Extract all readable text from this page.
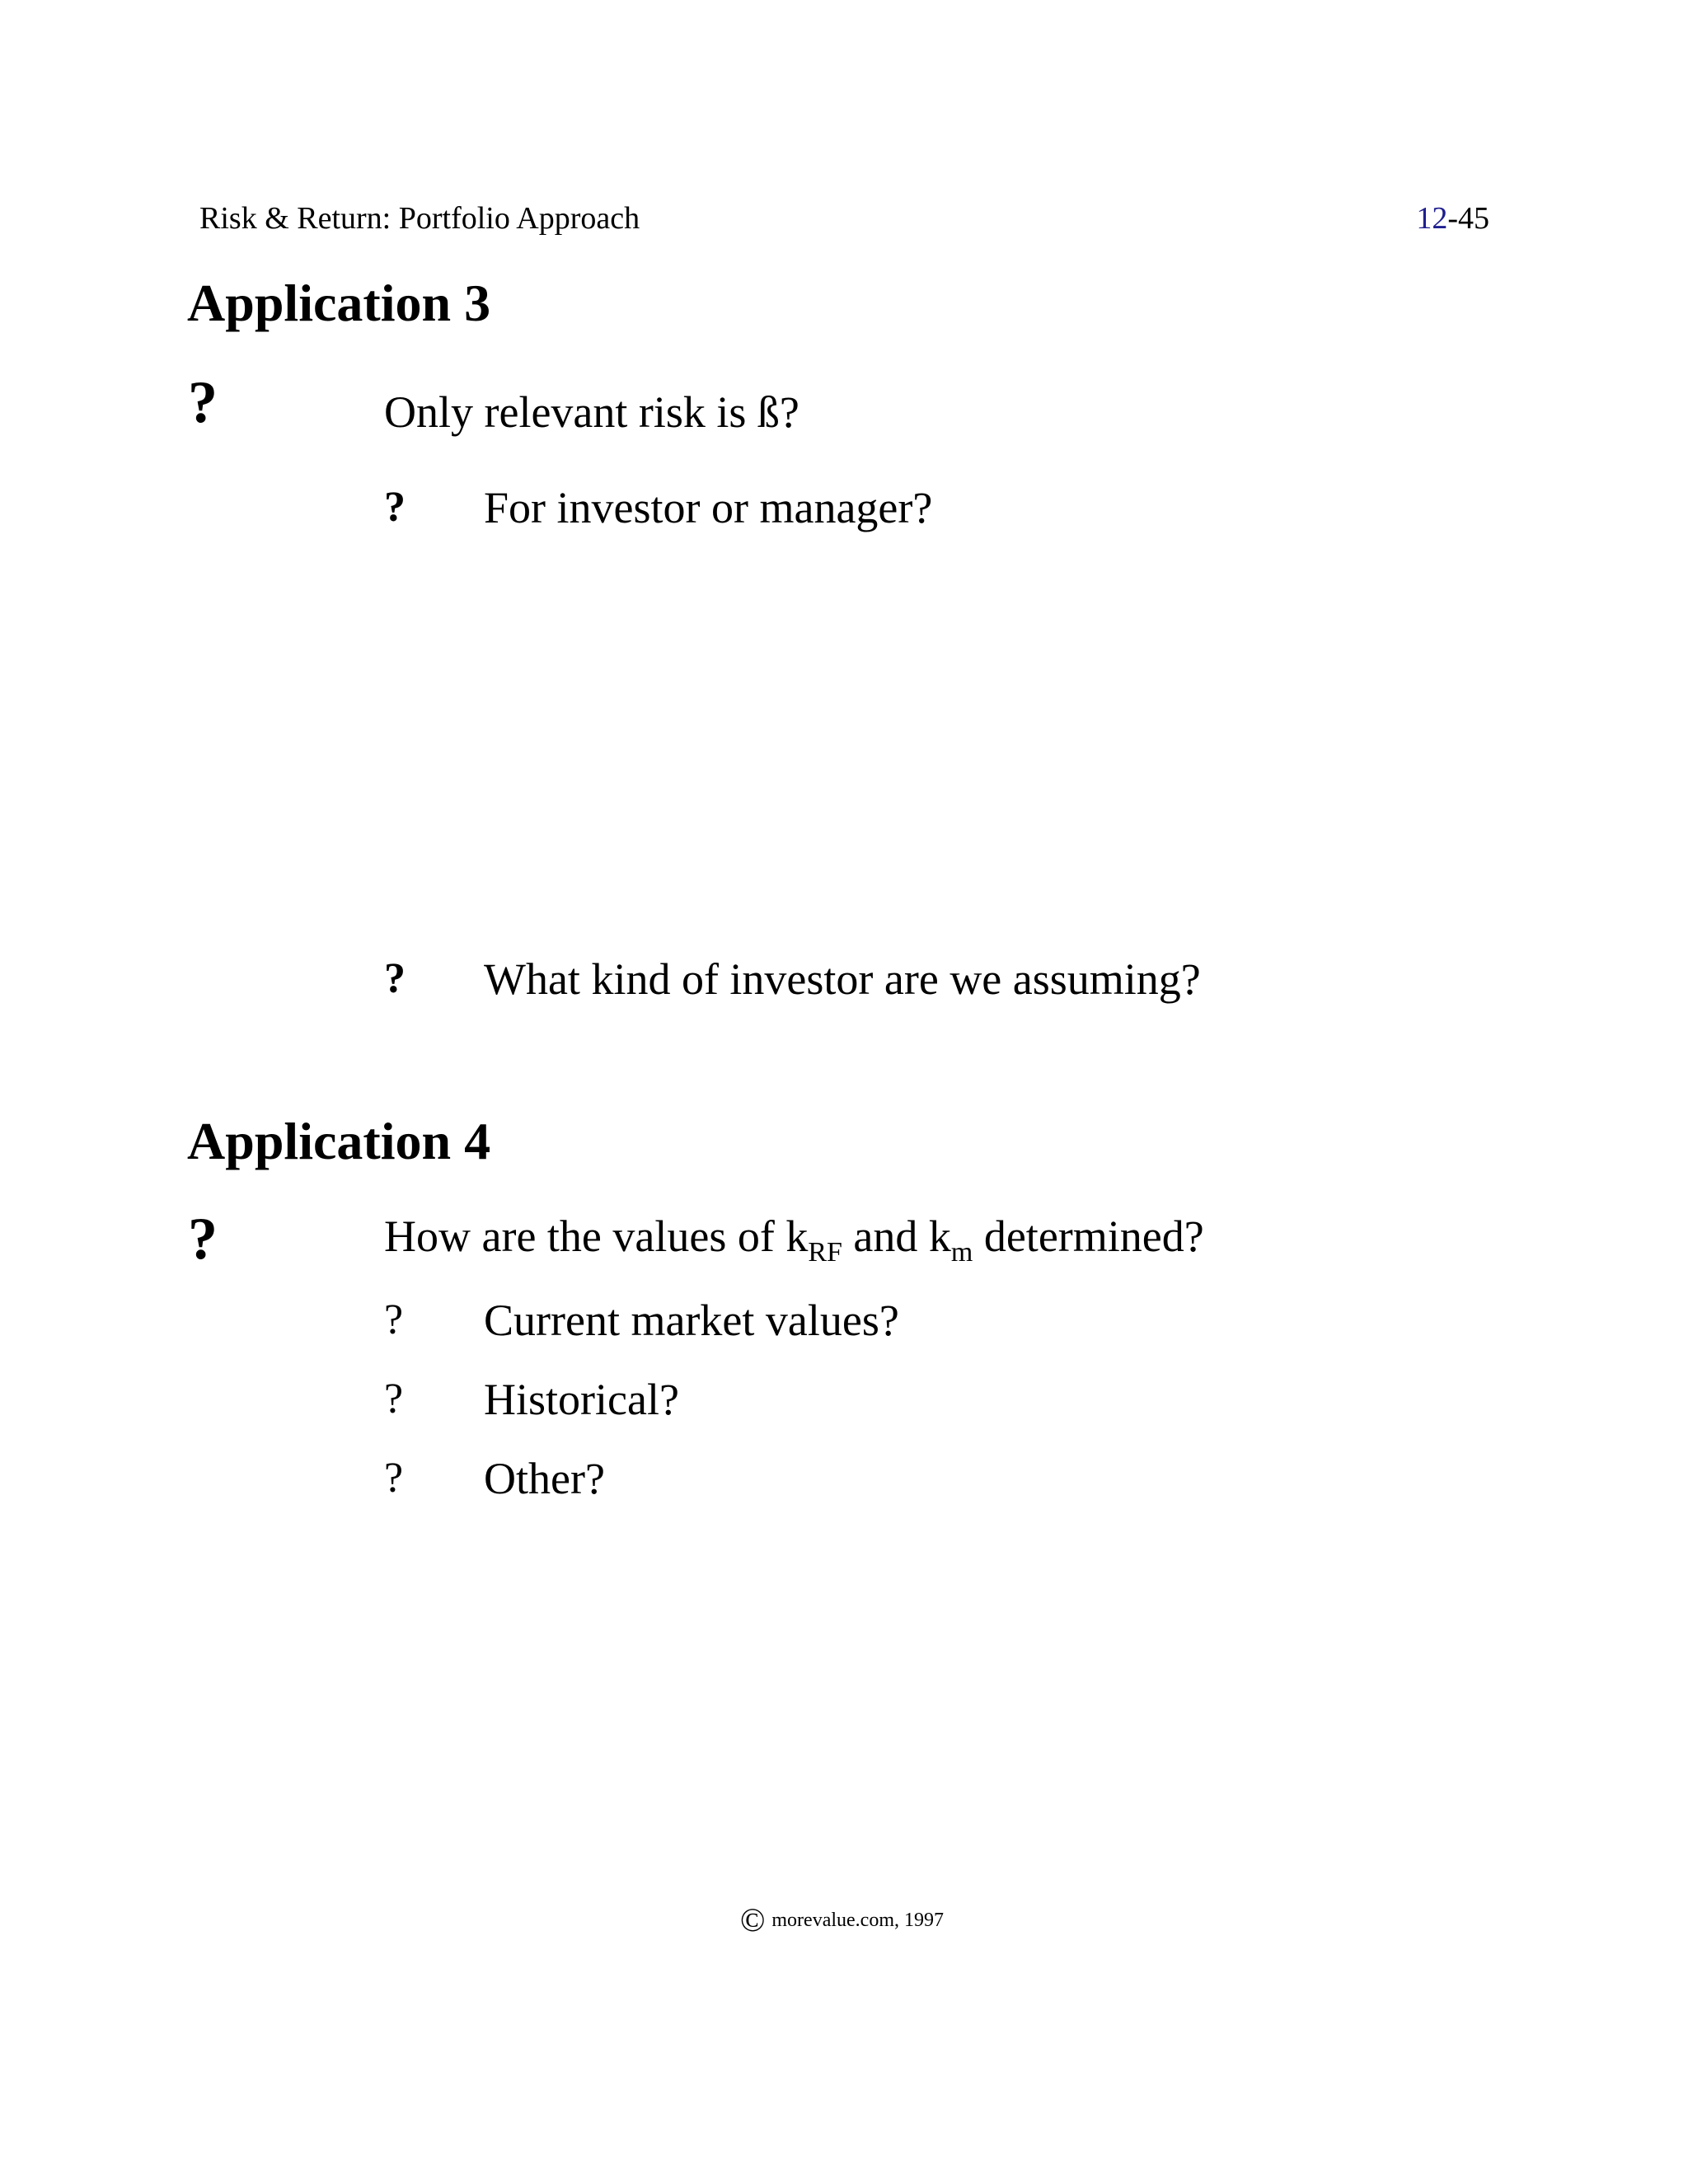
Risk & Return: Portfolio Approach	12-45
Application 3
?	Only relevant risk is ß?
? For investor or manager?
? What kind of investor are we assuming?
Application 4
?	How are the values of $k_{RF}$ and $k_m$ determined?
? Current market values?
? Historical?
? Other?
© morevalue.com, 1997
